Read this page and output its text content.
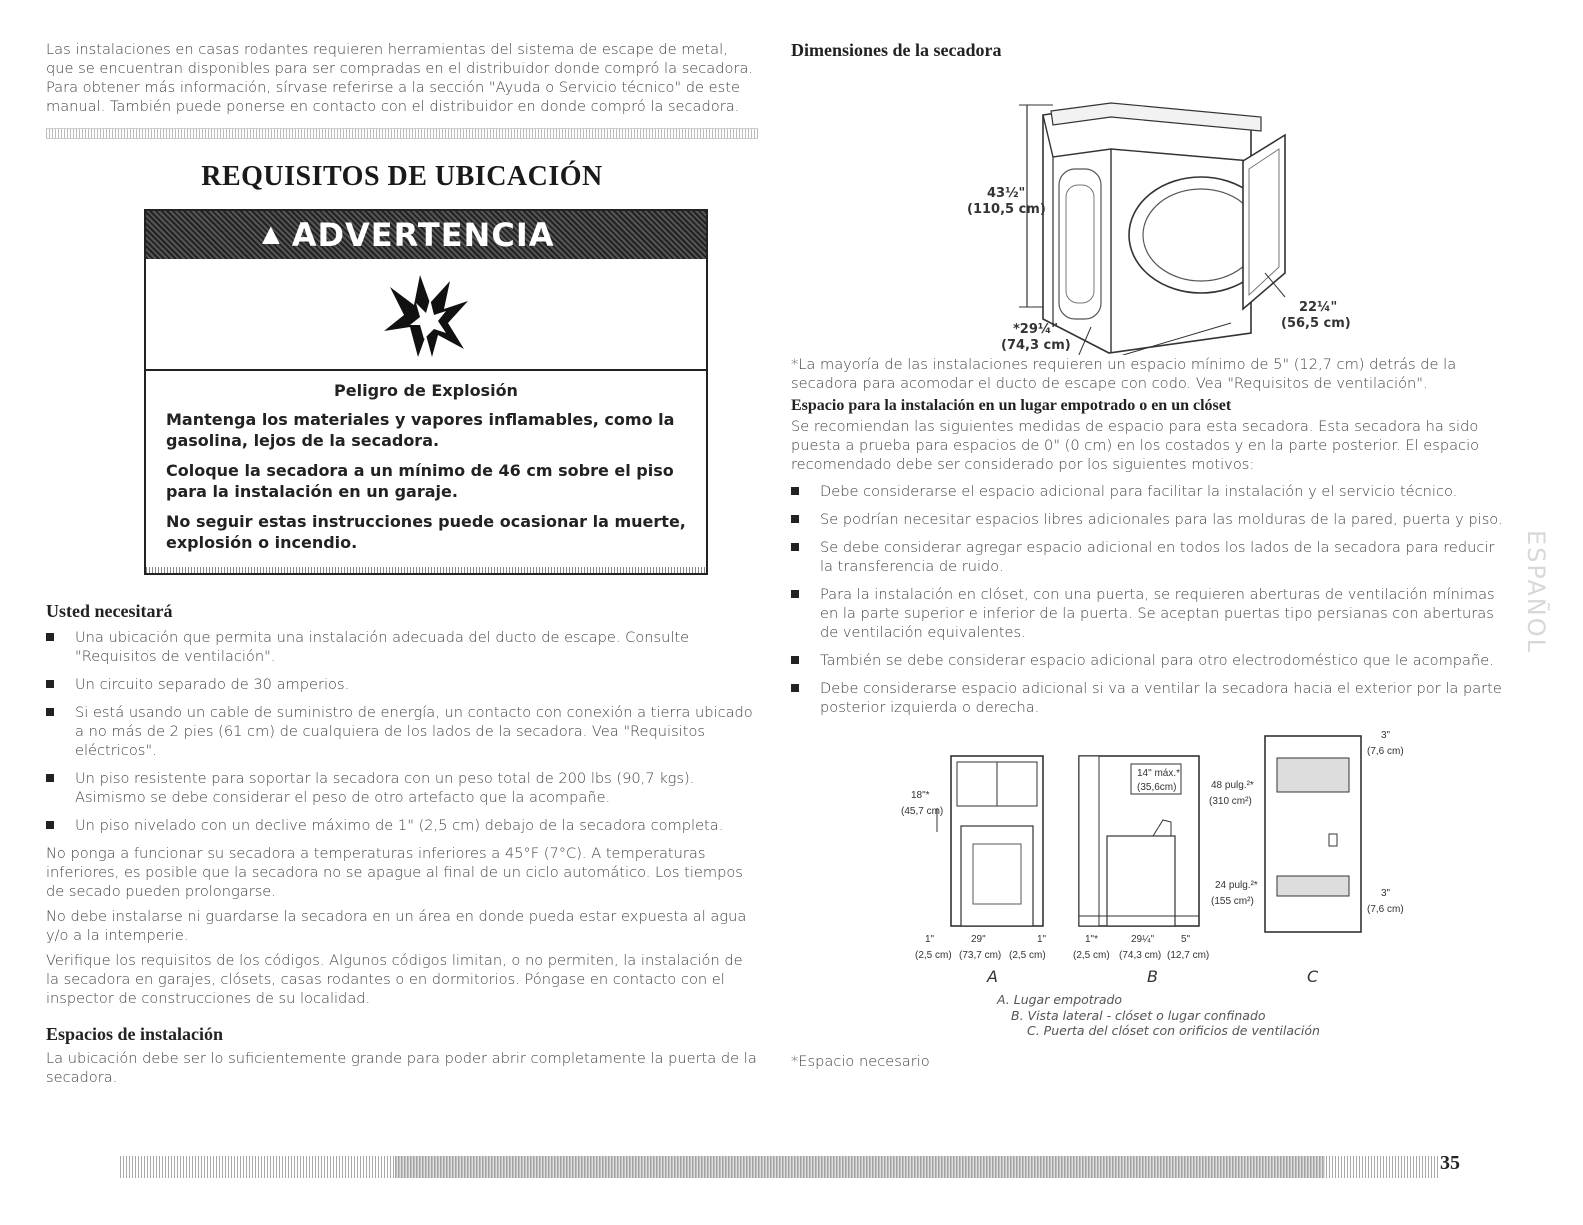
Las instalaciones en casas rodantes requieren herramientas del sistema de escape de metal, que se encuentran disponibles para ser compradas en el distribuidor donde compró la secadora. Para obtener más información, sírvase referirse a la sección "Ayuda o Servicio técnico" de este manual. También puede ponerse en contacto con el distribuidor en donde compró la secadora.

REQUISITOS DE UBICACIÓN
▲ ADVERTENCIA
Peligro de Explosión

Mantenga los materiales y vapores inflamables, como la gasolina, lejos de la secadora.

Coloque la secadora a un mínimo de 46 cm sobre el piso para la instalación en un garaje.

No seguir estas instrucciones puede ocasionar la muerte, explosión o incendio.

Usted necesitará
Una ubicación que permita una instalación adecuada del ducto de escape. Consulte "Requisitos de ventilación".
Un circuito separado de 30 amperios.
Si está usando un cable de suministro de energía, un contacto con conexión a tierra ubicado a no más de 2 pies (61 cm) de cualquiera de los lados de la secadora. Vea "Requisitos eléctricos".
Un piso resistente para soportar la secadora con un peso total de 200 lbs (90,7 kgs). Asimismo se debe considerar el peso de otro artefacto que la acompañe.
Un piso nivelado con un declive máximo de 1" (2,5 cm) debajo de la secadora completa.

No ponga a funcionar su secadora a temperaturas inferiores a 45°F (7°C). A temperaturas inferiores, es posible que la secadora no se apague al final de un ciclo automático. Los tiempos de secado pueden prolongarse.

No debe instalarse ni guardarse la secadora en un área en donde pueda estar expuesta al agua y/o a la intemperie.

Verifique los requisitos de los códigos. Algunos códigos limitan, o no permiten, la instalación de la secadora en garajes, clósets, casas rodantes o en dormitorios. Póngase en contacto con el inspector de construcciones de su localidad.

Espacios de instalación

La ubicación debe ser lo suficientemente grande para poder abrir completamente la puerta de la secadora.

Dimensiones de la secadora
43½"
(110,5 cm)
*29¼"
(74,3 cm)
22¼"
(56,5 cm)

*La mayoría de las instalaciones requieren un espacio mínimo de 5" (12,7 cm) detrás de la secadora para acomodar el ducto de escape con codo. Vea "Requisitos de ventilación".

Espacio para la instalación en un lugar empotrado o en un clóset

Se recomiendan las siguientes medidas de espacio para esta secadora. Esta secadora ha sido puesta a prueba para espacios de 0" (0 cm) en los costados y en la parte posterior. El espacio recomendado debe ser considerado por los siguientes motivos:

Debe considerarse el espacio adicional para facilitar la instalación y el servicio técnico.
Se podrían necesitar espacios libres adicionales para las molduras de la pared, puerta y piso.
Se debe considerar agregar espacio adicional en todos los lados de la secadora para reducir la transferencia de ruido.
Para la instalación en clóset, con una puerta, se requieren aberturas de ventilación mínimas en la parte superior e inferior de la puerta. Se aceptan puertas tipo persianas con aberturas de ventilación equivalentes.
También se debe considerar espacio adicional para otro electrodoméstico que le acompañe.
Debe considerarse espacio adicional si va a ventilar la secadora hacia el exterior por la parte posterior izquierda o derecha.
18"*
(45,7 cm)
1"	29"	1"
(2,5 cm) (73,7 cm) (2,5 cm)
A
14" máx.*
(35,6cm)	48 pulg.²*
(310 cm²)
24 pulg.²*
(155 cm²)
1"*	29¼"	5"
(2,5 cm) (74,3 cm) (12,7 cm)
B
3"
(7,6 cm)
3"
(7,6 cm)
C
A. Lugar empotrado
B. Vista lateral - clóset o lugar confinado
C. Puerta del clóset con orificios de ventilación

*Espacio necesario

ESPAÑOL
35
